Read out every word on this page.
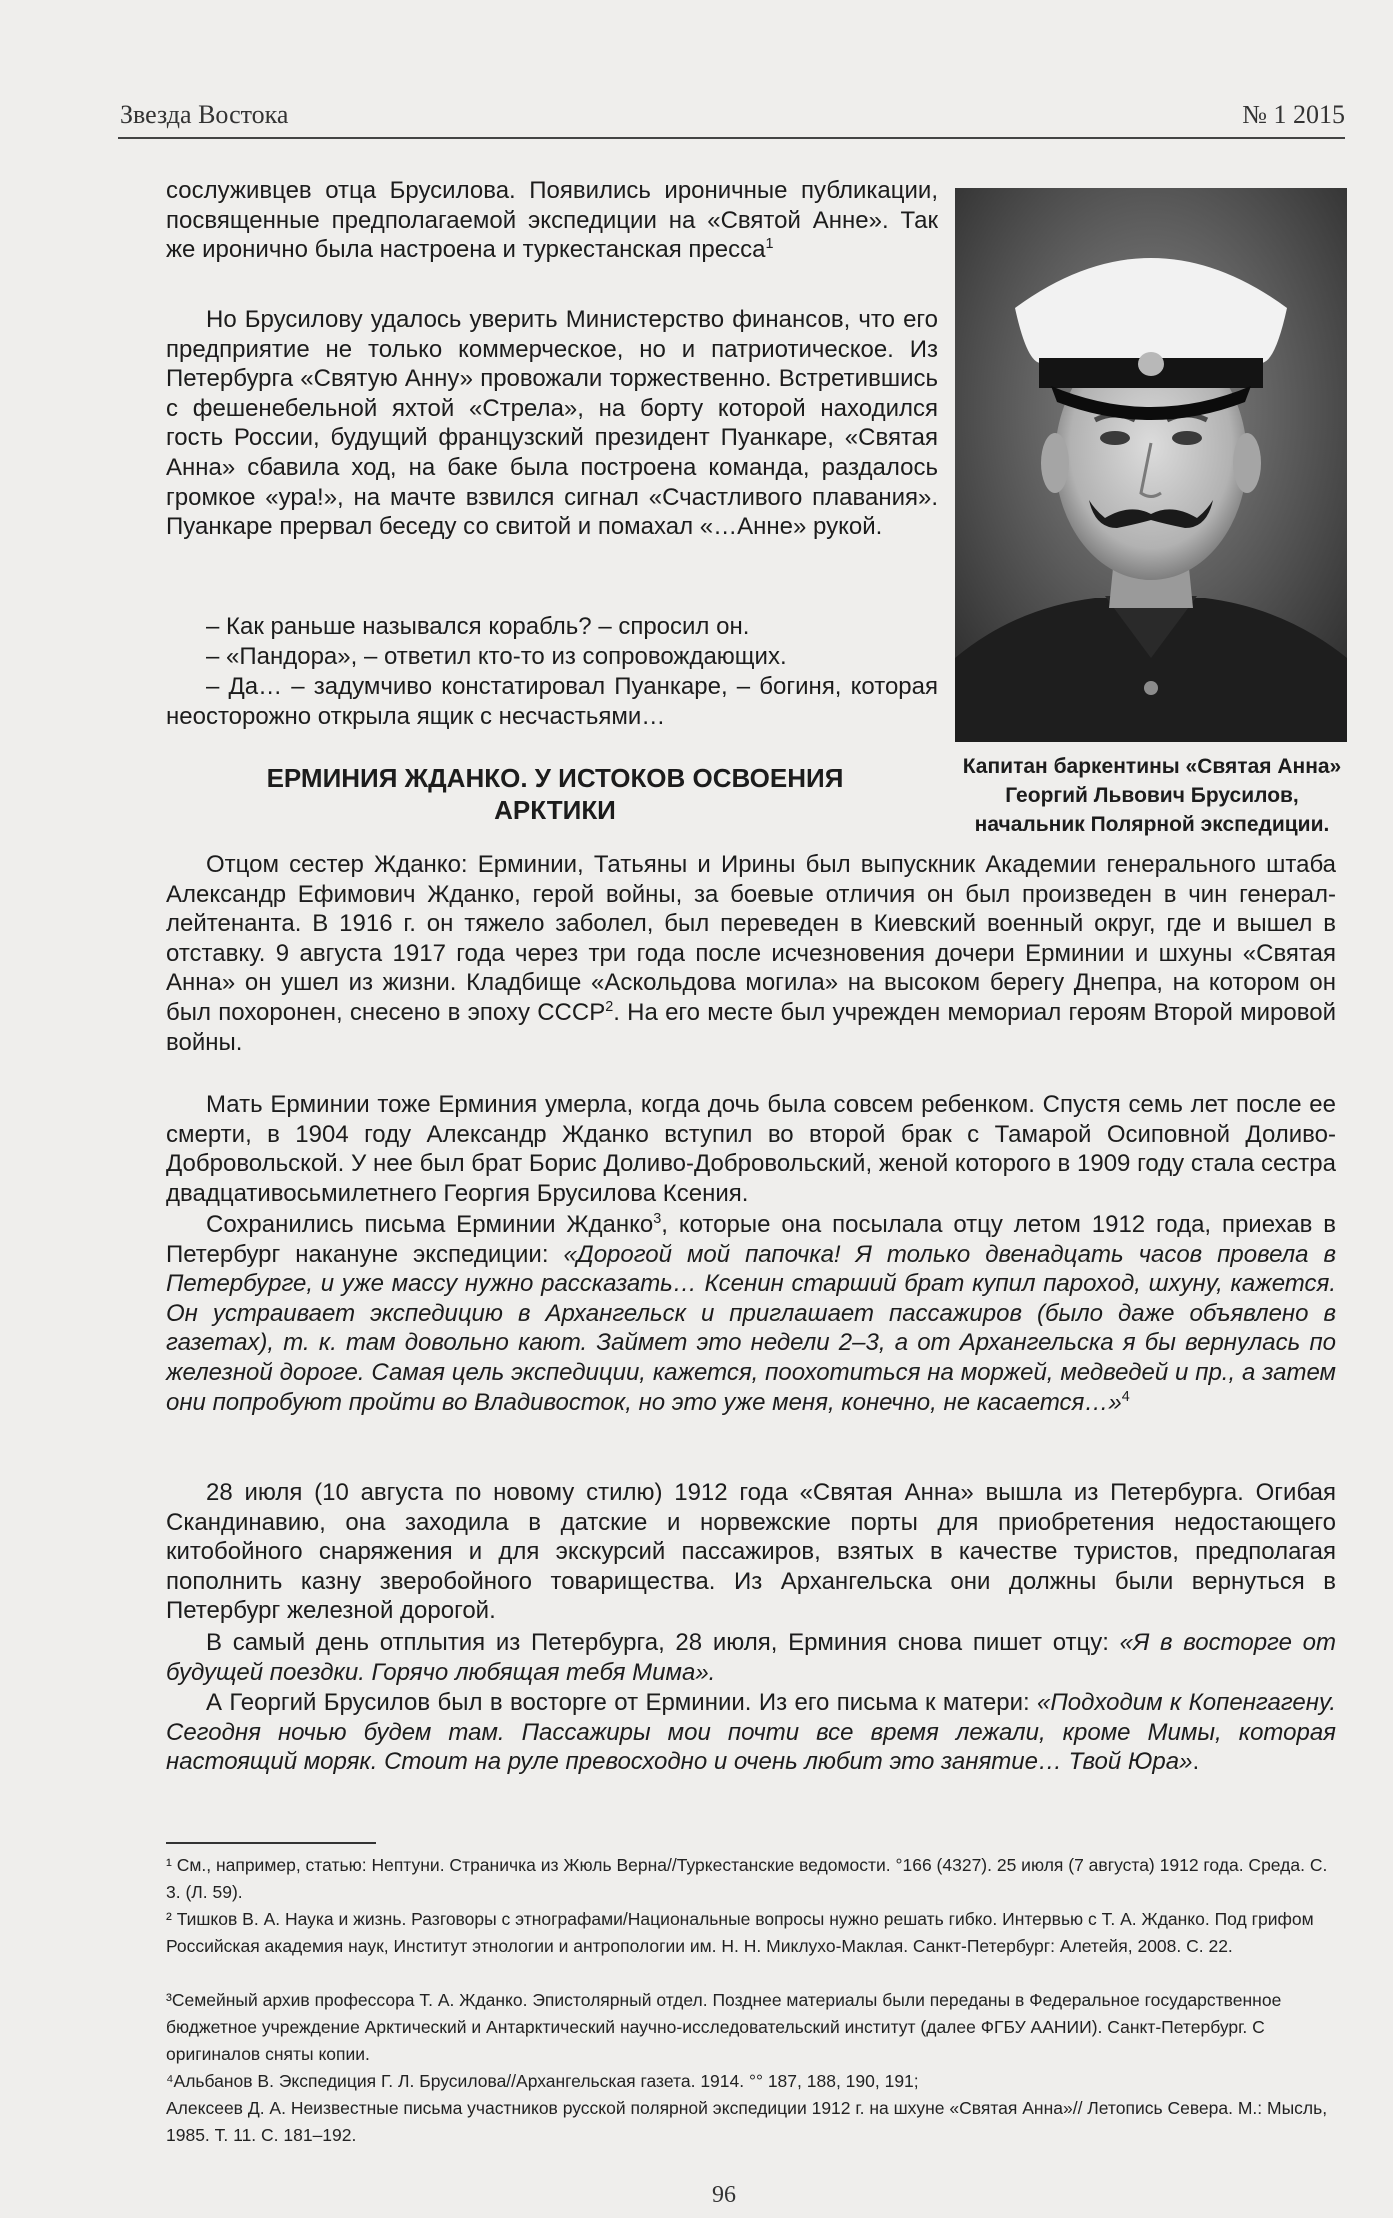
Звезда Востока	№ 1 2015

сослуживцев отца Брусилова. Появились ироничные публикации, посвященные предполагаемой экспедиции на «Святой Анне». Так же иронично была настроена и туркестанская пресса$^1$

Но Брусилову удалось уверить Министерство финансов, что его предприятие не только коммерческое, но и патриотическое. Из Петербурга «Святую Анну» провожали торжественно. Встретившись с фешенебельной яхтой «Стрела», на борту которой находился гость России, будущий французский президент Пуанкаре, «Святая Анна» сбавила ход, на баке была построена команда, раздалось громкое «ура!», на мачте взвился сигнал «Счастливого плавания». Пуанкаре прервал беседу со свитой и помахал «…Анне» рукой.

– Как раньше назывался корабль? – спросил он.

– «Пандора», – ответил кто-то из сопровождающих.

– Да… – задумчиво констатировал Пуанкаре, – богиня, которая неосторожно открыла ящик с несчастьями…

Капитан баркентины «Святая Анна» Георгий Львович Брусилов, начальник Полярной экспедиции.

ЕРМИНИЯ ЖДАНКО. У ИСТОКОВ ОСВОЕНИЯ АРКТИКИ

Отцом сестер Жданко: Ерминии, Татьяны и Ирины был выпускник Академии генерального штаба Александр Ефимович Жданко, герой войны, за боевые отличия он был произведен в чин генерал-лейтенанта. В 1916 г. он тяжело заболел, был переведен в Киевский военный округ, где и вышел в отставку. 9 августа 1917 года через три года после исчезновения дочери Ерминии и шхуны «Святая Анна» он ушел из жизни. Кладбище «Аскольдова могила» на высоком берегу Днепра, на котором он был похоронен, снесено в эпоху СССР$^2$. На его месте был учрежден мемориал героям Второй мировой войны.

Мать Ерминии тоже Ерминия умерла, когда дочь была совсем ребенком. Спустя семь лет после ее смерти, в 1904 году Александр Жданко вступил во второй брак с Тамарой Осиповной Доливо-Добровольской. У нее был брат Борис Доливо-Добровольский, женой которого в 1909 году стала сестра двадцативосьмилетнего Георгия Брусилова Ксения.

Сохранились письма Ерминии Жданко$^3$, которые она посылала отцу летом 1912 года, приехав в Петербург накануне экспедиции: «Дорогой мой папочка! Я только двенадцать часов провела в Петербурге, и уже массу нужно рассказать… Ксенин старший брат купил пароход, шхуну, кажется. Он устраивает экспедицию в Архангельск и приглашает пассажиров (было даже объявлено в газетах), т. к. там довольно кают. Займет это недели 2–3, а от Архангельска я бы вернулась по железной дороге. Самая цель экспедиции, кажется, поохотиться на моржей, медведей и пр., а затем они попробуют пройти во Владивосток, но это уже меня, конечно, не касается…»$^4$

28 июля (10 августа по новому стилю) 1912 года «Святая Анна» вышла из Петербурга. Огибая Скандинавию, она заходила в датские и норвежские порты для приобретения недостающего китобойного снаряжения и для экскурсий пассажиров, взятых в качестве туристов, предполагая пополнить казну зверобойного товарищества. Из Архангельска они должны были вернуться в Петербург железной дорогой.

В самый день отплытия из Петербурга, 28 июля, Ерминия снова пишет отцу: «Я в восторге от будущей поездки. Горячо любящая тебя Мима».

А Георгий Брусилов был в восторге от Ерминии. Из его письма к матери: «Подходим к Копенгагену. Сегодня ночью будем там. Пассажиры мои почти все время лежали, кроме Мимы, которая настоящий моряк. Стоит на руле превосходно и очень любит это занятие… Твой Юра».

¹ См., например, статью: Нептуни. Страничка из Жюль Верна//Туркестанские ведомости. °166 (4327). 25 июля (7 августа) 1912 года. Среда. С. 3. (Л. 59).

² Тишков В. А. Наука и жизнь. Разговоры с этнографами/Национальные вопросы нужно решать гибко. Интервью с Т. А. Жданко. Под грифом Российская академия наук, Институт этнологии и антропологии им. Н. Н. Миклухо-Маклая. Санкт-Петербург: Алетейя, 2008. С. 22.

³Семейный архив профессора Т. А. Жданко. Эпистолярный отдел. Позднее материалы были переданы в Федеральное государственное бюджетное учреждение Арктический и Антарктический научно-исследовательский институт (далее ФГБУ ААНИИ). Санкт-Петербург. С оригиналов сняты копии.

⁴Альбанов В. Экспедиция Г. Л. Брусилова//Архангельская газета. 1914. °° 187, 188, 190, 191;

Алексеев Д. А. Неизвестные письма участников русской полярной экспедиции 1912 г. на шхуне «Святая Анна»// Летопись Севера. М.: Мысль, 1985. Т. 11. С. 181–192.

96
